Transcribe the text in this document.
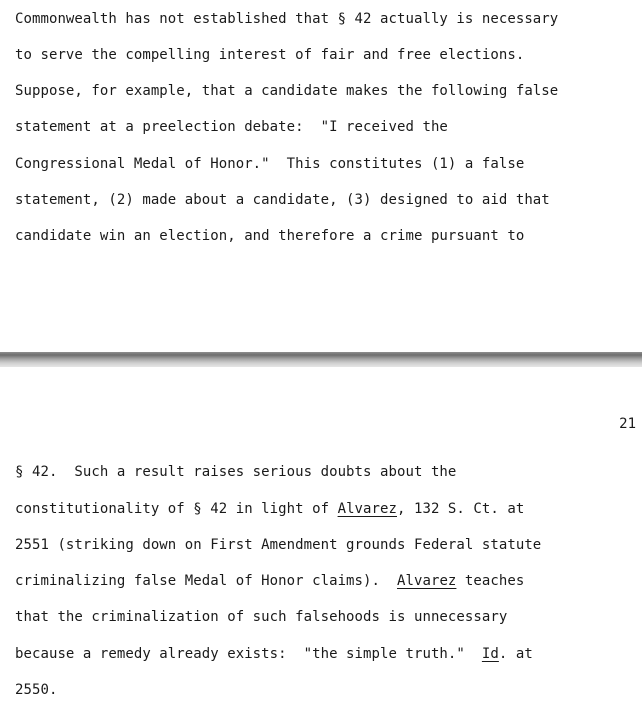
Commonwealth has not established that § 42 actually is necessary
to serve the compelling interest of fair and free elections.
Suppose, for example, that a candidate makes the following false
statement at a preelection debate:  "I received the
Congressional Medal of Honor."  This constitutes (1) a false
statement, (2) made about a candidate, (3) designed to aid that
candidate win an election, and therefore a crime pursuant to
21
§ 42.  Such a result raises serious doubts about the
constitutionality of § 42 in light of Alvarez, 132 S. Ct. at
2551 (striking down on First Amendment grounds Federal statute
criminalizing false Medal of Honor claims).  Alvarez teaches
that the criminalization of such falsehoods is unnecessary
because a remedy already exists:  "the simple truth."  Id. at
2550.
